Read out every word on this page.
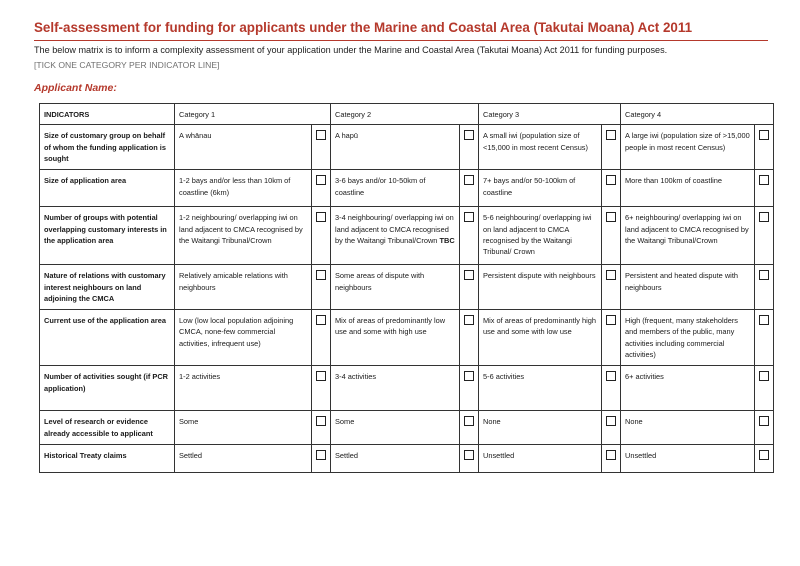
Self-assessment for funding for applicants under the Marine and Coastal Area (Takutai Moana) Act 2011
The below matrix is to inform a complexity assessment of your application under the Marine and Coastal Area (Takutai Moana) Act 2011 for funding purposes.
[TICK ONE CATEGORY PER INDICATOR LINE]
Applicant Name:
INDICATORS	Category 1		Category 2		Category 3		Category 4	
Size of customary group on behalf of whom the funding application is sought	A whānau		A hapū		A small iwi (population size of <15,000 in most recent Census)		A large iwi (population size of >15,000 people in most recent Census)	
Size of application area	1-2 bays and/or less than 10km of coastline (6km)		3-6 bays and/or 10-50km of coastline		7+ bays and/or 50-100km of coastline		More than 100km of coastline	
Number of groups with potential overlapping customary interests in the application area	1-2 neighbouring/ overlapping iwi on land adjacent to CMCA recognised by the Waitangi Tribunal/Crown		3-4 neighbouring/ overlapping iwi on land adjacent to CMCA recognised by the Waitangi Tribunal/Crown TBC		5-6 neighbouring/ overlapping iwi on land adjacent to CMCA recognised by the Waitangi Tribunal/ Crown		6+ neighbouring/ overlapping iwi on land adjacent to CMCA recognised by the Waitangi Tribunal/Crown	
Nature of relations with customary interest neighbours on land adjoining the CMCA	Relatively amicable relations with neighbours		Some areas of dispute with neighbours		Persistent dispute with neighbours		Persistent and heated dispute with neighbours	
Current use of the application area	Low (low local population adjoining CMCA, none-few commercial activities, infrequent use)		Mix of areas of predominantly low use and some with high use		Mix of areas of predominantly high use and some with low use		High (frequent, many stakeholders and members of the public, many activities including commercial activities)	
Number of activities sought (if PCR application)	1-2 activities		3-4 activities		5-6 activities		6+ activities	
Level of research or evidence already accessible to applicant	Some		Some		None		None	
Historical Treaty claims	Settled		Settled		Unsettled		Unsettled	
